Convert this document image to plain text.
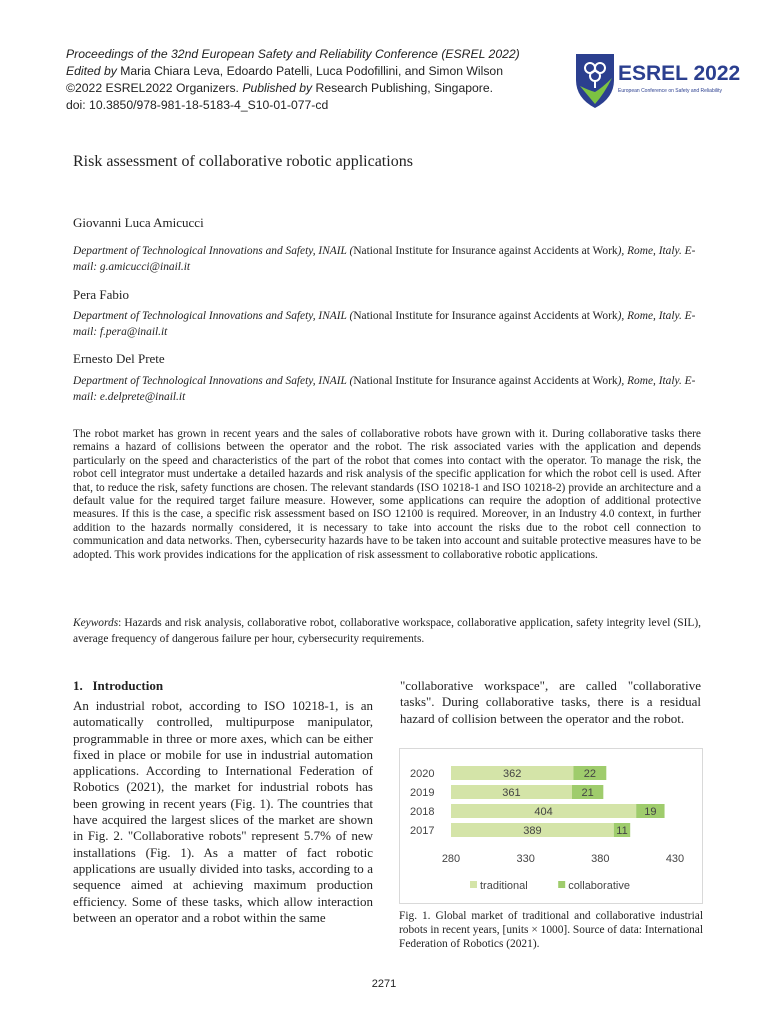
Proceedings of the 32nd European Safety and Reliability Conference (ESREL 2022)
Edited by Maria Chiara Leva, Edoardo Patelli, Luca Podofillini, and Simon Wilson
©2022 ESREL2022 Organizers. Published by Research Publishing, Singapore.
doi: 10.3850/978-981-18-5183-4_S10-01-077-cd
ESREL 2022
European Conference on Safety and Reliability
Risk assessment of collaborative robotic applications
Giovanni Luca Amicucci
Department of Technological Innovations and Safety, INAIL (National Institute for Insurance against Accidents at Work), Rome, Italy. E-mail: g.amicucci@inail.it
Pera Fabio
Department of Technological Innovations and Safety, INAIL (National Institute for Insurance against Accidents at Work), Rome, Italy. E-mail: f.pera@inail.it
Ernesto Del Prete
Department of Technological Innovations and Safety, INAIL (National Institute for Insurance against Accidents at Work), Rome, Italy. E-mail: e.delprete@inail.it
The robot market has grown in recent years and the sales of collaborative robots have grown with it. During collaborative tasks there remains a hazard of collisions between the operator and the robot. The risk associated varies with the application and depends particularly on the speed and characteristics of the part of the robot that comes into contact with the operator. To manage the risk, the robot cell integrator must undertake a detailed hazards and risk analysis of the specific application for which the robot cell is used. After that, to reduce the risk, safety functions are chosen. The relevant standards (ISO 10218-1 and ISO 10218-2) provide an architecture and a default value for the required target failure measure. However, some applications can require the adoption of additional protective measures. If this is the case, a specific risk assessment based on ISO 12100 is required. Moreover, in an Industry 4.0 context, in further addition to the hazards normally considered, it is necessary to take into account the risks due to the robot cell connection to communication and data networks. Then, cybersecurity hazards have to be taken into account and suitable protective measures have to be adopted. This work provides indications for the application of risk assessment to collaborative robotic applications.
Keywords: Hazards and risk analysis, collaborative robot, collaborative workspace, collaborative application, safety integrity level (SIL), average frequency of dangerous failure per hour, cybersecurity requirements.
1. Introduction
An industrial robot, according to ISO 10218-1, is an automatically controlled, multipurpose manipulator, programmable in three or more axes, which can be either fixed in place or mobile for use in industrial automation applications. According to International Federation of Robotics (2021), the market for industrial robots has been growing in recent years (Fig. 1). The countries that have acquired the largest slices of the market are shown in Fig. 2. "Collaborative robots" represent 5.7% of new installations (Fig. 1). As a matter of fact robotic applications are usually divided into tasks, according to a sequence aimed at achieving maximum production efficiency. Some of these tasks, which allow interaction between an operator and a robot within the same
"collaborative workspace", are called "collaborative tasks". During collaborative tasks, there is a residual hazard of collision between the operator and the robot.
2020	362	22
2019	361	21
2018	404	19
2017	389	11
280	330	380	430
traditional	collaborative
Fig. 1. Global market of traditional and collaborative industrial robots in recent years, [units × 1000]. Source of data: International Federation of Robotics (2021).
2271
